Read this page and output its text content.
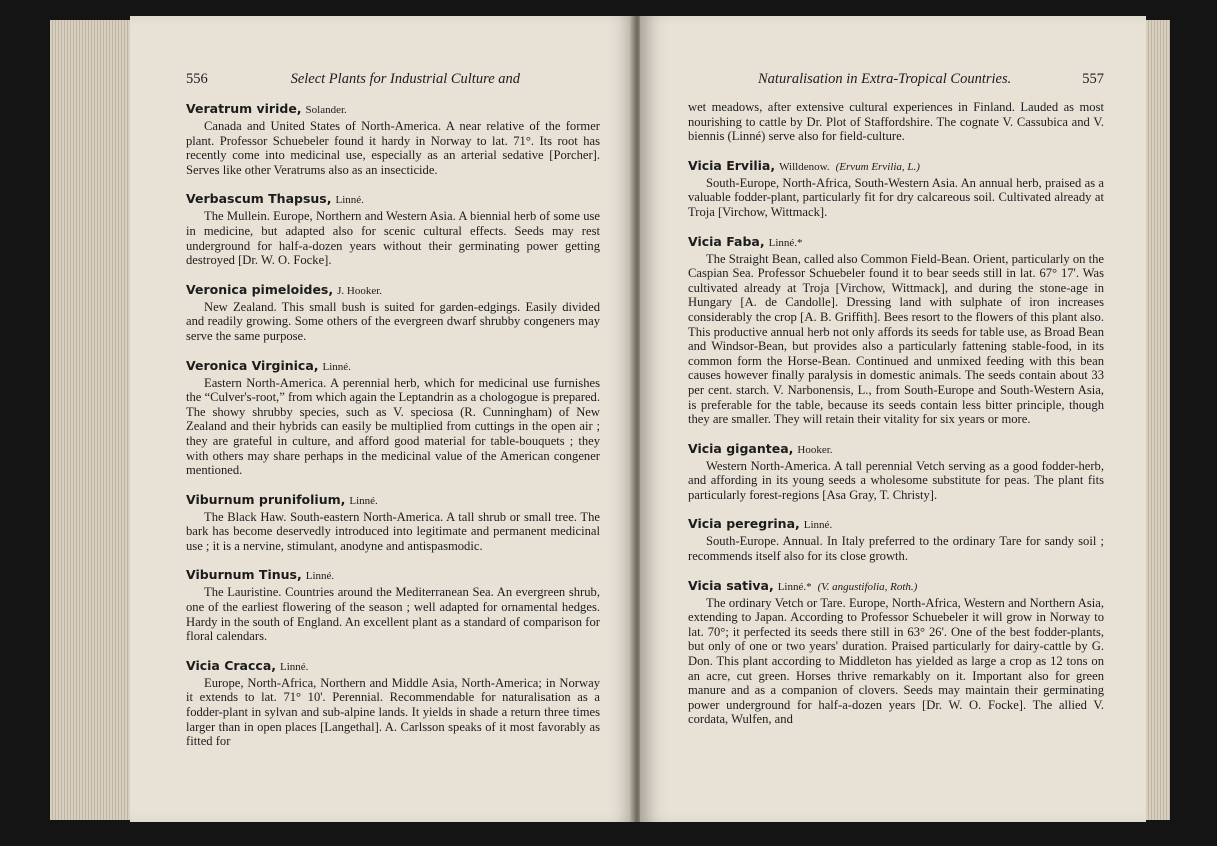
556	Select Plants for Industrial Culture and
Veratrum viride, Solander.

Canada and United States of North-America. A near relative of the former plant. Professor Schuebeler found it hardy in Norway to lat. 71°. Its root has recently come into medicinal use, especially as an arterial sedative [Porcher]. Serves like other Veratrums also as an insecticide.

Verbascum Thapsus, Linné.

The Mullein. Europe, Northern and Western Asia. A biennial herb of some use in medicine, but adapted also for scenic cultural effects. Seeds may rest underground for half-a-dozen years without their germinating power getting destroyed [Dr. W. O. Focke].

Veronica pimeloides, J. Hooker.

New Zealand. This small bush is suited for garden-edgings. Easily divided and readily growing. Some others of the evergreen dwarf shrubby congeners may serve the same purpose.

Veronica Virginica, Linné.

Eastern North-America. A perennial herb, which for medicinal use furnishes the “Culver's-root,” from which again the Leptandrin as a chologogue is prepared. The showy shrubby species, such as V. speciosa (R. Cunningham) of New Zealand and their hybrids can easily be multiplied from cuttings in the open air ; they are grateful in culture, and afford good material for table-bouquets ; they with others may share perhaps in the medicinal value of the American congener mentioned.

Viburnum prunifolium, Linné.

The Black Haw. South-eastern North-America. A tall shrub or small tree. The bark has become deservedly introduced into legitimate and permanent medicinal use ; it is a nervine, stimulant, anodyne and antispasmodic.

Viburnum Tinus, Linné.

The Lauristine. Countries around the Mediterranean Sea. An evergreen shrub, one of the earliest flowering of the season ; well adapted for ornamental hedges. Hardy in the south of England. An excellent plant as a standard of comparison for floral calendars.

Vicia Cracca, Linné.

Europe, North-Africa, Northern and Middle Asia, North-America; in Norway it extends to lat. 71° 10'. Perennial. Recommendable for naturalisation as a fodder-plant in sylvan and sub-alpine lands. It yields in shade a return three times larger than in open places [Langethal]. A. Carlsson speaks of it most favorably as fitted for

Naturalisation in Extra-Tropical Countries.	557

wet meadows, after extensive cultural experiences in Finland. Lauded as most nourishing to cattle by Dr. Plot of Staffordshire. The cognate V. Cassubica and V. biennis (Linné) serve also for field-culture.

Vicia Ervilia, Willdenow. (Ervum Ervilia, L.)

South-Europe, North-Africa, South-Western Asia. An annual herb, praised as a valuable fodder-plant, particularly fit for dry calcareous soil. Cultivated already at Troja [Virchow, Wittmack].

Vicia Faba, Linné.*

The Straight Bean, called also Common Field-Bean. Orient, particularly on the Caspian Sea. Professor Schuebeler found it to bear seeds still in lat. 67° 17'. Was cultivated already at Troja [Virchow, Wittmack], and during the stone-age in Hungary [A. de Candolle]. Dressing land with sulphate of iron increases considerably the crop [A. B. Griffith]. Bees resort to the flowers of this plant also. This productive annual herb not only affords its seeds for table use, as Broad Bean and Windsor-Bean, but provides also a particularly fattening stable-food, in its common form the Horse-Bean. Continued and unmixed feeding with this bean causes however finally paralysis in domestic animals. The seeds contain about 33 per cent. starch. V. Narbonensis, L., from South-Europe and South-Western Asia, is preferable for the table, because its seeds contain less bitter principle, though they are smaller. They will retain their vitality for six years or more.

Vicia gigantea, Hooker.

Western North-America. A tall perennial Vetch serving as a good fodder-herb, and affording in its young seeds a wholesome substitute for peas. The plant fits particularly forest-regions [Asa Gray, T. Christy].

Vicia peregrina, Linné.

South-Europe. Annual. In Italy preferred to the ordinary Tare for sandy soil ; recommends itself also for its close growth.

Vicia sativa, Linné.* (V. angustifolia, Roth.)

The ordinary Vetch or Tare. Europe, North-Africa, Western and Northern Asia, extending to Japan. According to Professor Schuebeler it will grow in Norway to lat. 70°; it perfected its seeds there still in 63° 26'. One of the best fodder-plants, but only of one or two years' duration. Praised particularly for dairy-cattle by G. Don. This plant according to Middleton has yielded as large a crop as 12 tons on an acre, cut green. Horses thrive remarkably on it. Important also for green manure and as a companion of clovers. Seeds may maintain their germinating power underground for half-a-dozen years [Dr. W. O. Focke]. The allied V. cordata, Wulfen, and
